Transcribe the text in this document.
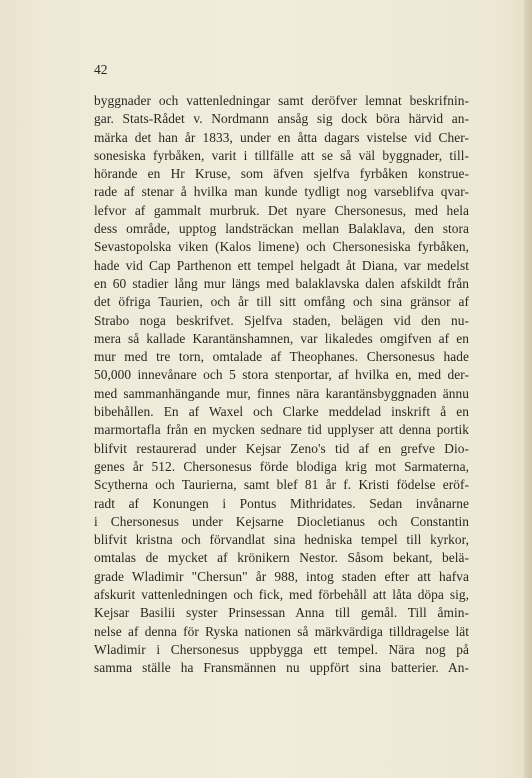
42
byggnader och vattenledningar samt deröfver lemnat beskrifnin-
gar. Stats-Rådet v. Nordmann ansåg sig dock böra härvid an-
märka det han år 1833, under en åtta dagars vistelse vid Cher-
sonesiska fyrbåken, varit i tillfälle att se så väl byggnader, till-
hörande en Hr Kruse, som äfven sjelfva fyrbåken konstrue-
rade af stenar å hvilka man kunde tydligt nog varseblifva qvar-
lefvor af gammalt murbruk. Det nyare Chersonesus, med hela
dess område, upptog landsträckan mellan Balaklava, den stora
Sevastopolska viken (Kalos limene) och Chersonesiska fyrbåken,
hade vid Cap Parthenon ett tempel helgadt åt Diana, var medelst
en 60 stadier lång mur längs med balaklavska dalen afskildt från
det öfriga Taurien, och år till sitt omfång och sina gränsor af
Strabo noga beskrifvet. Sjelfva staden, belägen vid den nu-
mera så kallade Karantänshamnen, var likaledes omgifven af en
mur med tre torn, omtalade af Theophanes. Chersonesus hade
50,000 innevånare och 5 stora stenportar, af hvilka en, med der-
med sammanhängande mur, finnes nära karantänsbyggnaden ännu
bibehållen. En af Waxel och Clarke meddelad inskrift å en
marmortafla från en mycken sednare tid upplyser att denna portik
blifvit restaurerad under Kejsar Zeno's tid af en grefve Dio-
genes år 512. Chersonesus förde blodiga krig mot Sarmaterna,
Scytherna och Taurierna, samt blef 81 år f. Kristi födelse eröf-
radt af Konungen i Pontus Mithridates. Sedan invånarne
i Chersonesus under Kejsarne Diocletianus och Constantin
blifvit kristna och förvandlat sina hedniska tempel till kyrkor,
omtalas de mycket af krönikern Nestor. Såsom bekant, belä-
grade Wladimir "Chersun" år 988, intog staden efter att hafva
afskurit vattenledningen och fick, med förbehåll att låta döpa sig,
Kejsar Basilii syster Prinsessan Anna till gemål. Till åmin-
nelse af denna för Ryska nationen så märkvärdiga tilldragelse lät
Wladimir i Chersonesus uppbygga ett tempel. Nära nog på
samma ställe ha Fransmännen nu uppfört sina batterier. An-
